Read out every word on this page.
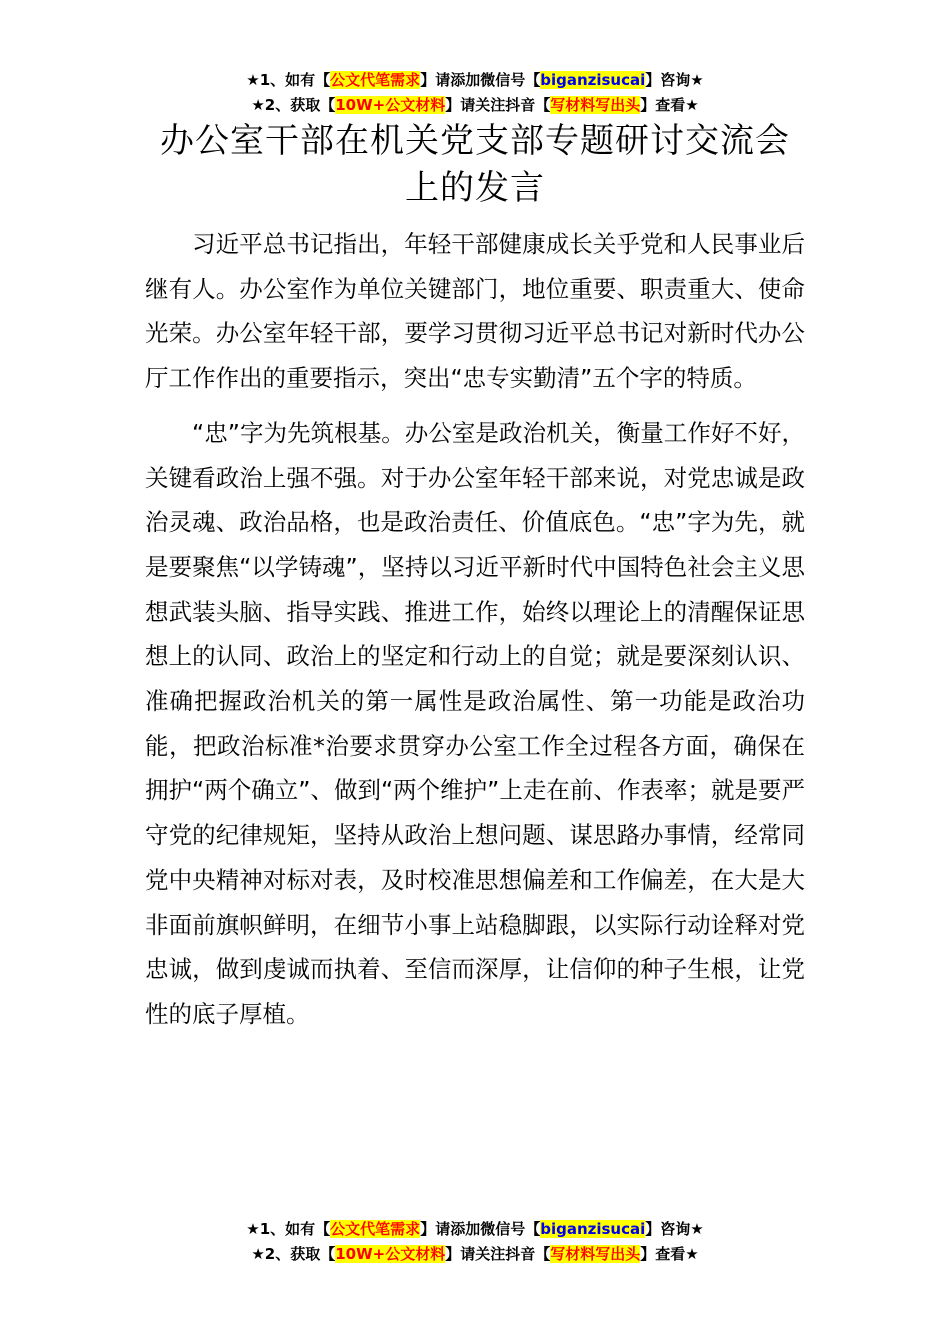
★1、如有【公文代笔需求】请添加微信号【biganzisucai】咨询★
★2、获取【10W+公文材料】请关注抖音【写材料写出头】查看★
办公室干部在机关党支部专题研讨交流会上的发言

习近平总书记指出，年轻干部健康成长关乎党和人民事业后继有人。办公室作为单位关键部门，地位重要、职责重大、使命光荣。办公室年轻干部，要学习贯彻习近平总书记对新时代办公厅工作作出的重要指示，突出“忠专实勤清”五个字的特质。

“忠”字为先筑根基。办公室是政治机关，衡量工作好不好，关键看政治上强不强。对于办公室年轻干部来说，对党忠诚是政治灵魂、政治品格，也是政治责任、价值底色。“忠”字为先，就是要聚焦“以学铸魂”，坚持以习近平新时代中国特色社会主义思想武装头脑、指导实践、推进工作，始终以理论上的清醒保证思想上的认同、政治上的坚定和行动上的自觉；就是要深刻认识、准确把握政治机关的第一属性是政治属性、第一功能是政治功能，把政治标准*治要求贯穿办公室工作全过程各方面，确保在拥护“两个确立”、做到“两个维护”上走在前、作表率；就是要严守党的纪律规矩，坚持从政治上想问题、谋思路办事情，经常同党中央精神对标对表，及时校准思想偏差和工作偏差，在大是大非面前旗帜鲜明，在细节小事上站稳脚跟，以实际行动诠释对党忠诚，做到虔诚而执着、至信而深厚，让信仰的种子生根，让党性的底子厚植。

★1、如有【公文代笔需求】请添加微信号【biganzisucai】咨询★
★2、获取【10W+公文材料】请关注抖音【写材料写出头】查看★
